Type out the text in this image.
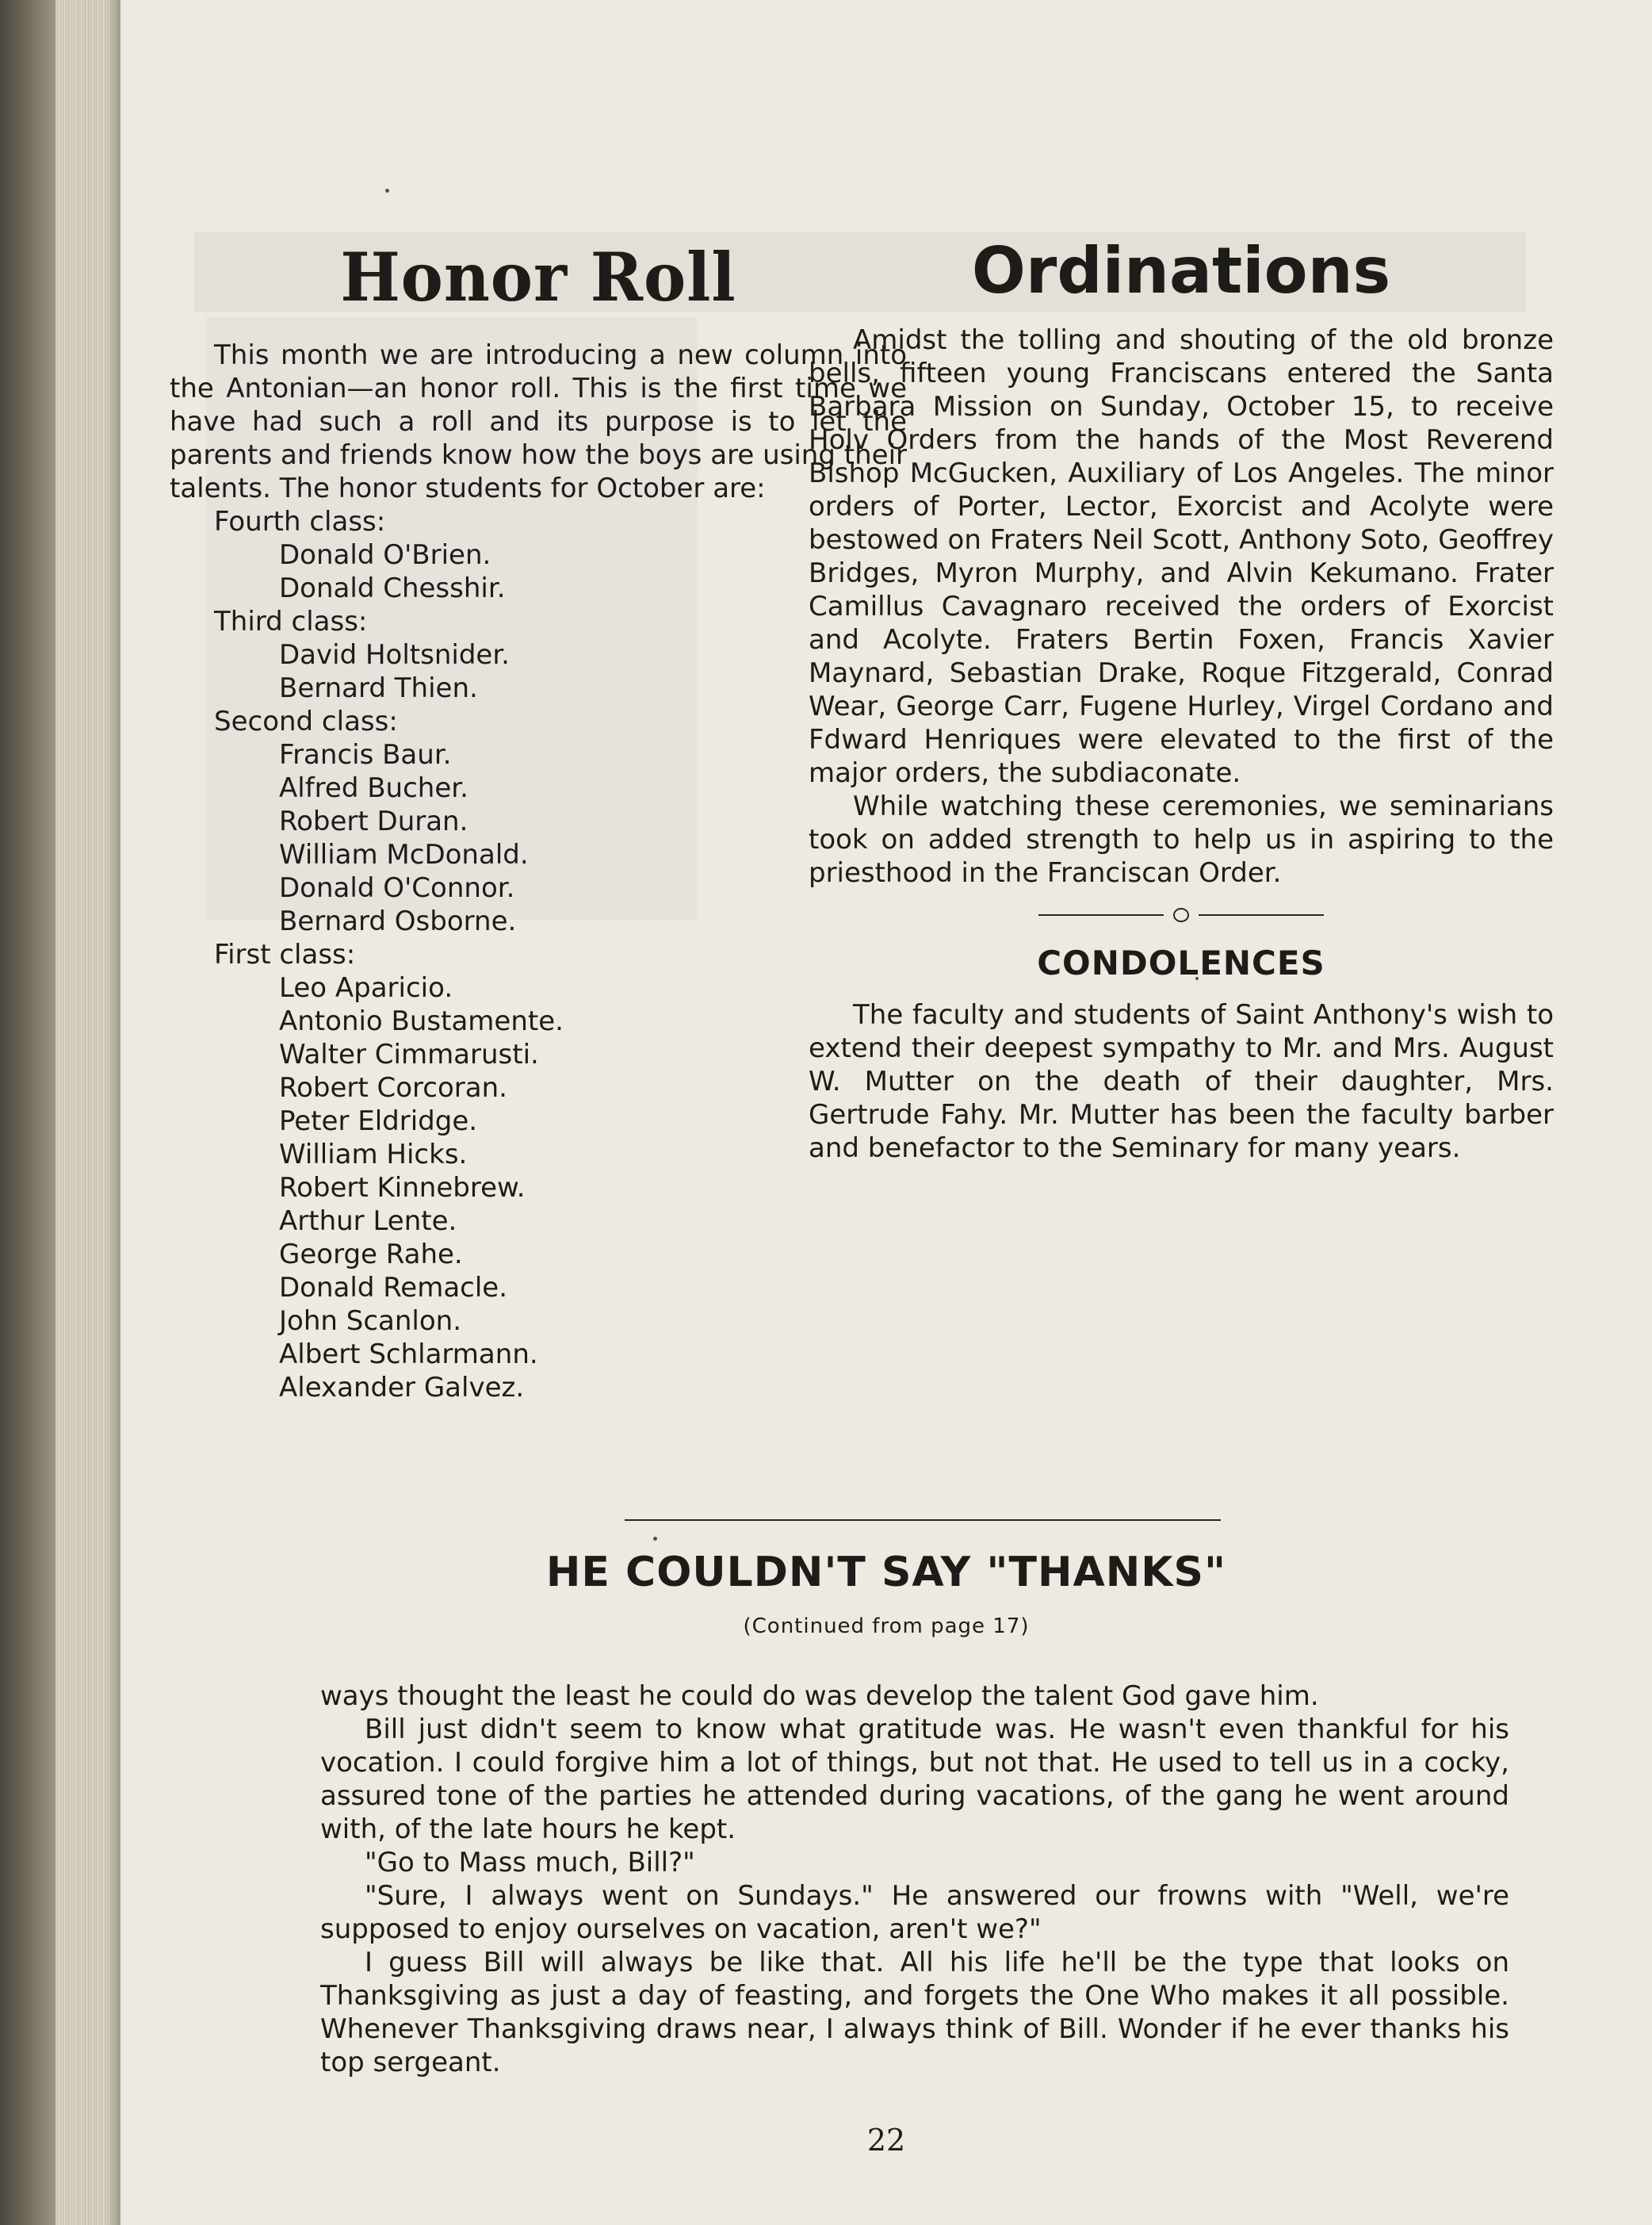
Honor Roll

This month we are introducing a new column into the Antonian—an honor roll. This is the first time we have had such a roll and its purpose is to let the parents and friends know how the boys are using their talents. The honor students for October are:

Fourth class:
Donald O'Brien.
Donald Chesshir.
Third class:
David Holtsnider.
Bernard Thien.
Second class:
Francis Baur.
Alfred Bucher.
Robert Duran.
William McDonald.
Donald O'Connor.
Bernard Osborne.
First class:
Leo Aparicio.
Antonio Bustamente.
Walter Cimmarusti.
Robert Corcoran.
Peter Eldridge.
William Hicks.
Robert Kinnebrew.
Arthur Lente.
George Rahe.
Donald Remacle.
John Scanlon.
Albert Schlarmann.
Alexander Galvez.
Ordinations

Amidst the tolling and shouting of the old bronze bells, fifteen young Franciscans entered the Santa Barbara Mission on Sunday, October 15, to receive Holv Orders from the hands of the Most Reverend Bishop McGucken, Auxiliary of Los Angeles. The minor orders of Porter, Lector, Exorcist and Acolyte were bestowed on Fraters Neil Scott, Anthony Soto, Geoffrey Bridges, Myron Murphy, and Alvin Kekumano. Frater Camillus Cavagnaro received the orders of Exorcist and Acolyte. Fraters Bertin Foxen, Francis Xavier Maynard, Sebastian Drake, Roque Fitzgerald, Conrad Wear, George Carr, Fugene Hurley, Virgel Cordano and Fdward Henriques were elevated to the first of the major orders, the subdiaconate.

While watching these ceremonies, we seminarians took on added strength to help us in aspiring to the priesthood in the Franciscan Order.

CONDOLENCES

The faculty and students of Saint Anthony's wish to extend their deepest sympathy to Mr. and Mrs. August W. Mutter on the death of their daughter, Mrs. Gertrude Fahy. Mr. Mutter has been the faculty barber and benefactor to the Seminary for many years.

HE COULDN'T SAY "THANKS"
(Continued from page 17)

ways thought the least he could do was develop the talent God gave him.

Bill just didn't seem to know what gratitude was. He wasn't even thankful for his vocation. I could forgive him a lot of things, but not that. He used to tell us in a cocky, assured tone of the parties he attended during vacations, of the gang he went around with, of the late hours he kept.

"Go to Mass much, Bill?"

"Sure, I always went on Sundays." He answered our frowns with "Well, we're supposed to enjoy ourselves on vacation, aren't we?"

I guess Bill will always be like that. All his life he'll be the type that looks on Thanksgiving as just a day of feasting, and forgets the One Who makes it all possible. Whenever Thanksgiving draws near, I always think of Bill. Wonder if he ever thanks his top sergeant.

22
